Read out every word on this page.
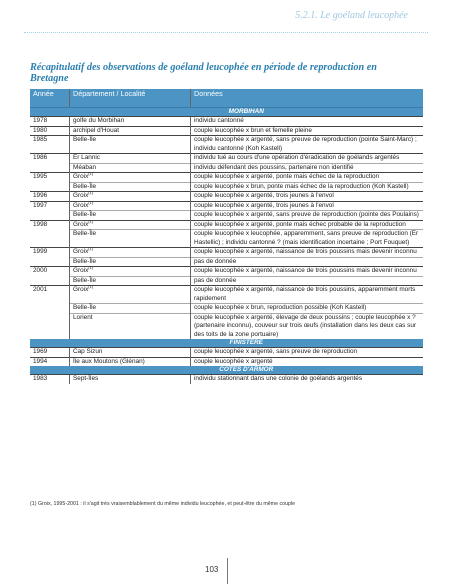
5.2.1. Le goéland leucophée
Récapitulatif des observations de goéland leucophée en période de reproduction en Bretagne
Année	Département / Localité	Données
	MORBIHAN	
1978	golfe du Morbihan	individu cantonné
1980	archipel d'Houat	couple leucophée x brun et femelle pleine
1985	Belle-Île	couple leucophée x argenté, sans preuve de reproduction (pointe Saint-Marc) ; individu cantonné (Koh Kastell)
1986	Er Lannic	individu tué au cours d'une opération d'éradication de goélands argentés
	Méaban	individu défendant des poussins, partenaire non identifié
1995	Groix$^{(1)}$	couple leucophée x argenté, ponte mais échec de la reproduction
	Belle-Île	couple leucophée x brun, ponte mais échec de la reproduction (Koh Kastell)
1996	Groix$^{(1)}$	couple leucophée x argenté, trois jeunes à l'envol
1997	Groix$^{(1)}$	couple leucophée x argenté, trois jeunes à l'envol
	Belle-Île	couple leucophée x argenté, sans preuve de reproduction (pointe des Poulains)
1998	Groix$^{(1)}$	couple leucophée x argenté, ponte mais échec probable de la reproduction
	Belle-Île	couple leucophée x leucophée, apparemment, sans preuve de reproduction (Er Hastellic) ; individu cantonné ? (mais identification incertaine ; Port Fouquet)
1999	Groix$^{(1)}$	couple leucophée x argenté, naissance de trois poussins mais devenir inconnu
	Belle-Île	pas de donnée
2000	Groix$^{(1)}$	couple leucophée x argenté, naissance de trois poussins mais devenir inconnu
	Belle-Île	pas de donnée
2001	Groix$^{(1)}$	couple leucophée x argenté, naissance de trois poussins, apparemment morts rapidement
	Belle-Île	couple leucophée x brun, reproduction possible (Koh Kastell)
	Lorient	couple leucophée x argenté, élevage de deux poussins ; couple leucophée x ? (partenaire inconnu), couveur sur trois œufs (installation dans les deux cas sur des toits de la zone portuaire)
	FINISTÈRE	
1969	Cap Sizun	couple leucophée x argenté, sans preuve de reproduction
1994	Île aux Moutons (Glénan)	couple leucophée x argenté
	CÔTES D'ARMOR	
1983	Sept-Îles	individu stationnant dans une colonie de goélands argentés
(1) Groix, 1995-2001 : il s'agit très vraisemblablement du même individu leucophée, et peut-être du même couple
103
